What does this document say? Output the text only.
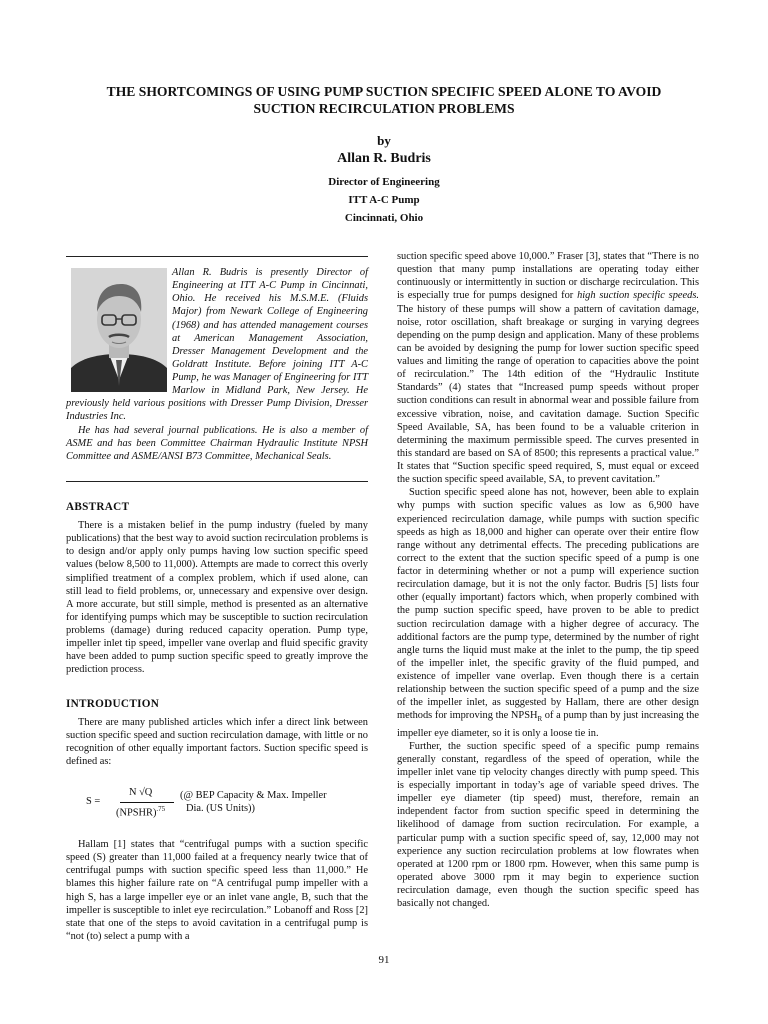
THE SHORTCOMINGS OF USING PUMP SUCTION SPECIFIC SPEED ALONE TO AVOID
SUCTION RECIRCULATION PROBLEMS

by

Allan R. Budris

Director of Engineering

ITT A-C Pump

Cincinnati, Ohio

Allan R. Budris is presently Director of Engineering at ITT A-C Pump in Cincinnati, Ohio. He received his M.S.M.E. (Fluids Major) from Newark College of Engineering (1968) and has attended management courses at American Management Association, Dresser Management Development and the Goldratt Institute. Before joining ITT A-C Pump, he was Manager of Engineering for ITT Marlow in Midland Park, New Jersey. He previously held various positions with Dresser Pump Division, Dresser Industries Inc.

He has had several journal publications. He is also a member of ASME and has been Committee Chairman Hydraulic Institute NPSH Committee and ASME/ANSI B73 Committee, Mechanical Seals.

ABSTRACT

There is a mistaken belief in the pump industry (fueled by many publications) that the best way to avoid suction recirculation problems is to design and/or apply only pumps having low suction specific speed values (below 8,500 to 11,000). Attempts are made to correct this overly simplified treatment of a complex problem, which if used alone, can still lead to field problems, or, unnecessary and expensive over design. A more accurate, but still simple, method is presented as an alternative for identifying pumps which may be susceptible to suction recirculation problems (damage) during reduced capacity operation. Pump type, impeller inlet tip speed, impeller vane overlap and fluid specific gravity have been added to pump suction specific speed to greatly improve the prediction process.

INTRODUCTION

There are many published articles which infer a direct link between suction specific speed and suction recirculation damage, with little or no recognition of other equally important factors. Suction specific speed is defined as:

S =
N √Q
(NPSHR)$^{.75}$
(@ BEP Capacity & Max. Impeller
Dia. (US Units))

Hallam [1] states that “centrifugal pumps with a suction specific speed (S) greater than 11,000 failed at a frequency nearly twice that of centrifugal pumps with suction specific speed less than 11,000.” He blames this higher failure rate on “A centrifugal pump impeller with a high S, has a large impeller eye or an inlet vane angle, B, such that the impeller is susceptible to inlet eye recirculation.” Lobanoff and Ross [2] state that one of the steps to avoid cavitation in a centrifugal pump is “not (to) select a pump with a

suction specific speed above 10,000.” Fraser [3], states that “There is no question that many pump installations are operating today either continuously or intermittently in suction or discharge recirculation. This is especially true for pumps designed for high suction specific speeds. The history of these pumps will show a pattern of cavitation damage, noise, rotor oscillation, shaft breakage or surging in varying degrees depending on the pump design and application. Many of these problems can be avoided by designing the pump for lower suction specific speed values and limiting the range of operation to capacities above the point of recirculation.” The 14th edition of the “Hydraulic Institute Standards” (4) states that “Increased pump speeds without proper suction conditions can result in abnormal wear and possible failure from excessive vibration, noise, and cavitation damage. Suction Specific Speed Available, SA, has been found to be a valuable criterion in determining the maximum permissible speed. The curves presented in this standard are based on SA of 8500; this represents a practical value.” It states that “Suction specific speed required, S, must equal or exceed the suction specific speed available, SA, to prevent cavitation.”

Suction specific speed alone has not, however, been able to explain why pumps with suction specific values as low as 6,900 have experienced recirculation damage, while pumps with suction specific speeds as high as 18,000 and higher can operate over their entire flow range without any detrimental effects. The preceding publications are correct to the extent that the suction specific speed of a pump is one factor in determining whether or not a pump will experience suction recirculation damage, but it is not the only factor. Budris [5] lists four other (equally important) factors which, when properly combined with the pump suction specific speed, have proven to be able to predict suction recirculation damage with a higher degree of accuracy. The additional factors are the pump type, determined by the number of right angle turns the liquid must make at the inlet to the pump, the tip speed of the impeller inlet, the specific gravity of the fluid pumped, and existence of impeller vane overlap. Even though there is a certain relationship between the suction specific speed of a pump and the size of the impeller inlet, as suggested by Hallam, there are other design methods for improving the $NPSH_R$ of a pump than by just increasing the impeller eye diameter, so it is only a loose tie in.

Further, the suction specific speed of a specific pump remains generally constant, regardless of the speed of operation, while the impeller inlet vane tip velocity changes directly with pump speed. This is especially important in today’s age of variable speed drives. The impeller eye diameter (tip speed) must, therefore, remain an independent factor from suction specific speed in determining the likelihood of damage from suction recirculation. For example, a particular pump with a suction specific speed of, say, 12,000 may not experience any suction recirculation problems at low flowrates when operated at 1200 rpm or 1800 rpm. However, when this same pump is operated above 3000 rpm it may begin to experience suction recirculation damage, even though the suction specific speed has basically not changed.

91
